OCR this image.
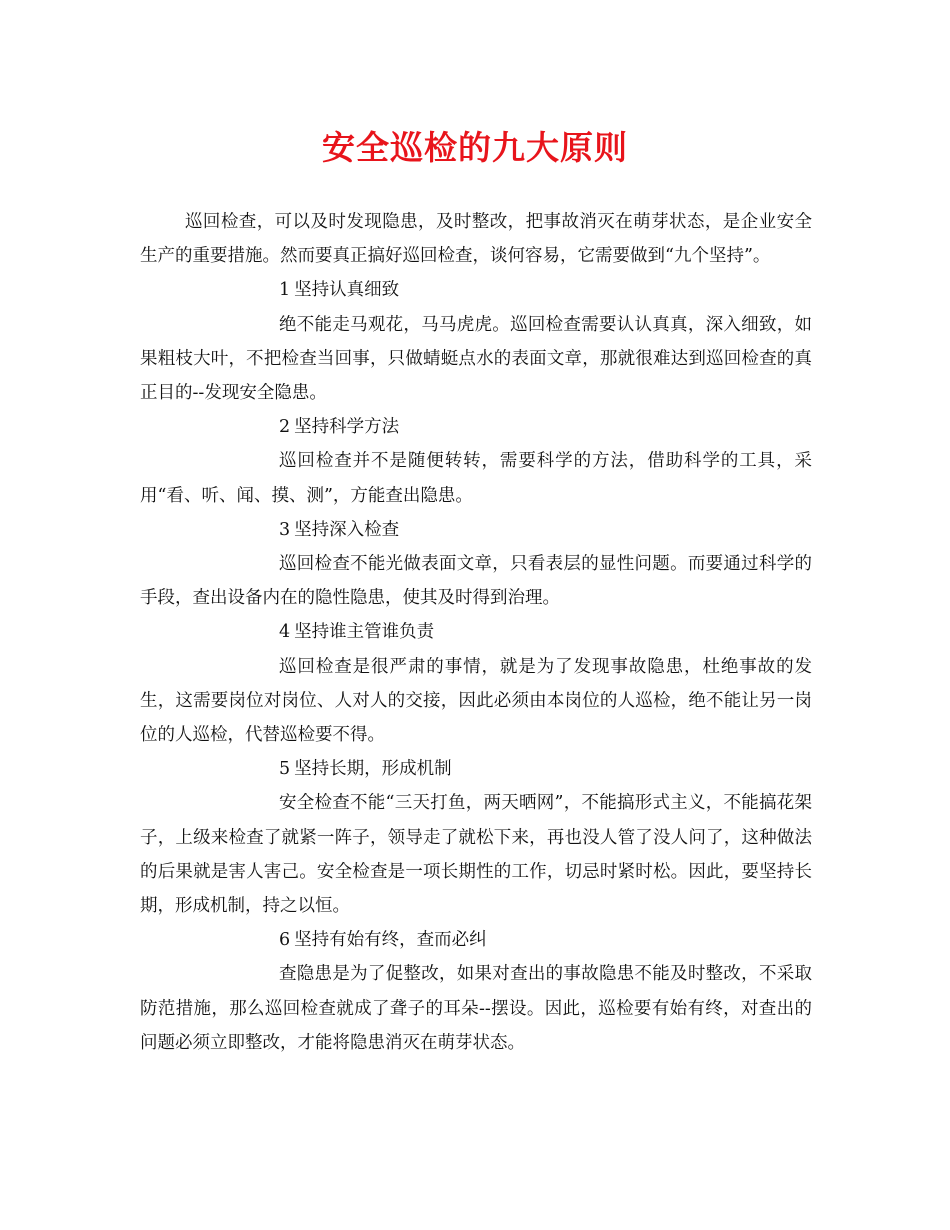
安全巡检的九大原则

巡回检查，可以及时发现隐患，及时整改，把事故消灭在萌芽状态，是企业安全生产的重要措施。然而要真正搞好巡回检查，谈何容易，它需要做到“九个坚持”。

1 坚持认真细致

绝不能走马观花，马马虎虎。巡回检查需要认认真真，深入细致，如果粗枝大叶，不把检查当回事，只做蜻蜓点水的表面文章，那就很难达到巡回检查的真正目的--发现安全隐患。

2 坚持科学方法

巡回检查并不是随便转转，需要科学的方法，借助科学的工具，采用“看、听、闻、摸、测”，方能查出隐患。

3 坚持深入检查

巡回检查不能光做表面文章，只看表层的显性问题。而要通过科学的手段，查出设备内在的隐性隐患，使其及时得到治理。

4 坚持谁主管谁负责

巡回检查是很严肃的事情，就是为了发现事故隐患，杜绝事故的发生，这需要岗位对岗位、人对人的交接，因此必须由本岗位的人巡检，绝不能让另一岗位的人巡检，代替巡检要不得。

5 坚持长期，形成机制

安全检查不能“三天打鱼，两天晒网”，不能搞形式主义，不能搞花架子，上级来检查了就紧一阵子，领导走了就松下来，再也没人管了没人问了，这种做法的后果就是害人害己。安全检查是一项长期性的工作，切忌时紧时松。因此，要坚持长期，形成机制，持之以恒。

6 坚持有始有终，查而必纠

查隐患是为了促整改，如果对查出的事故隐患不能及时整改，不采取防范措施，那么巡回检查就成了聋子的耳朵--摆设。因此，巡检要有始有终，对查出的问题必须立即整改，才能将隐患消灭在萌芽状态。
